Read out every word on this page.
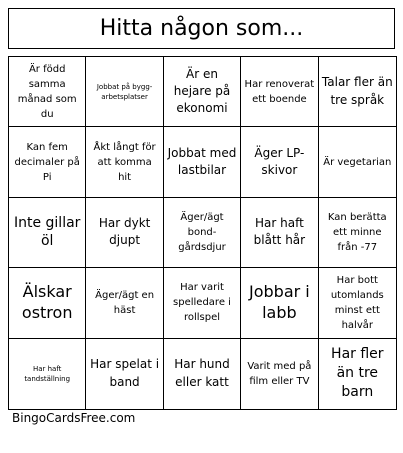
Hitta någon som...
Är född samma månad som du
Jobbat på bygg-arbetsplatser
Är en hejare på ekonomi
Har renoverat ett boende
Talar fler än tre språk
Kan fem decimaler på Pi
Åkt långt för att komma hit
Jobbat med lastbilar
Äger LP-skivor
Är vegetarian
Inte gillar öl
Har dykt djupt
Äger/ägt bond-gårdsdjur
Har haft blått hår
Kan berätta ett minne från -77
Älskar ostron
Äger/ägt en häst
Har varit spelledare i rollspel
Jobbar i labb
Har bott utomlands minst ett halvår
Har haft tandställning
Har spelat i band
Har hund eller katt
Varit med på film eller TV
Har fler än tre barn
BingoCardsFree.com
